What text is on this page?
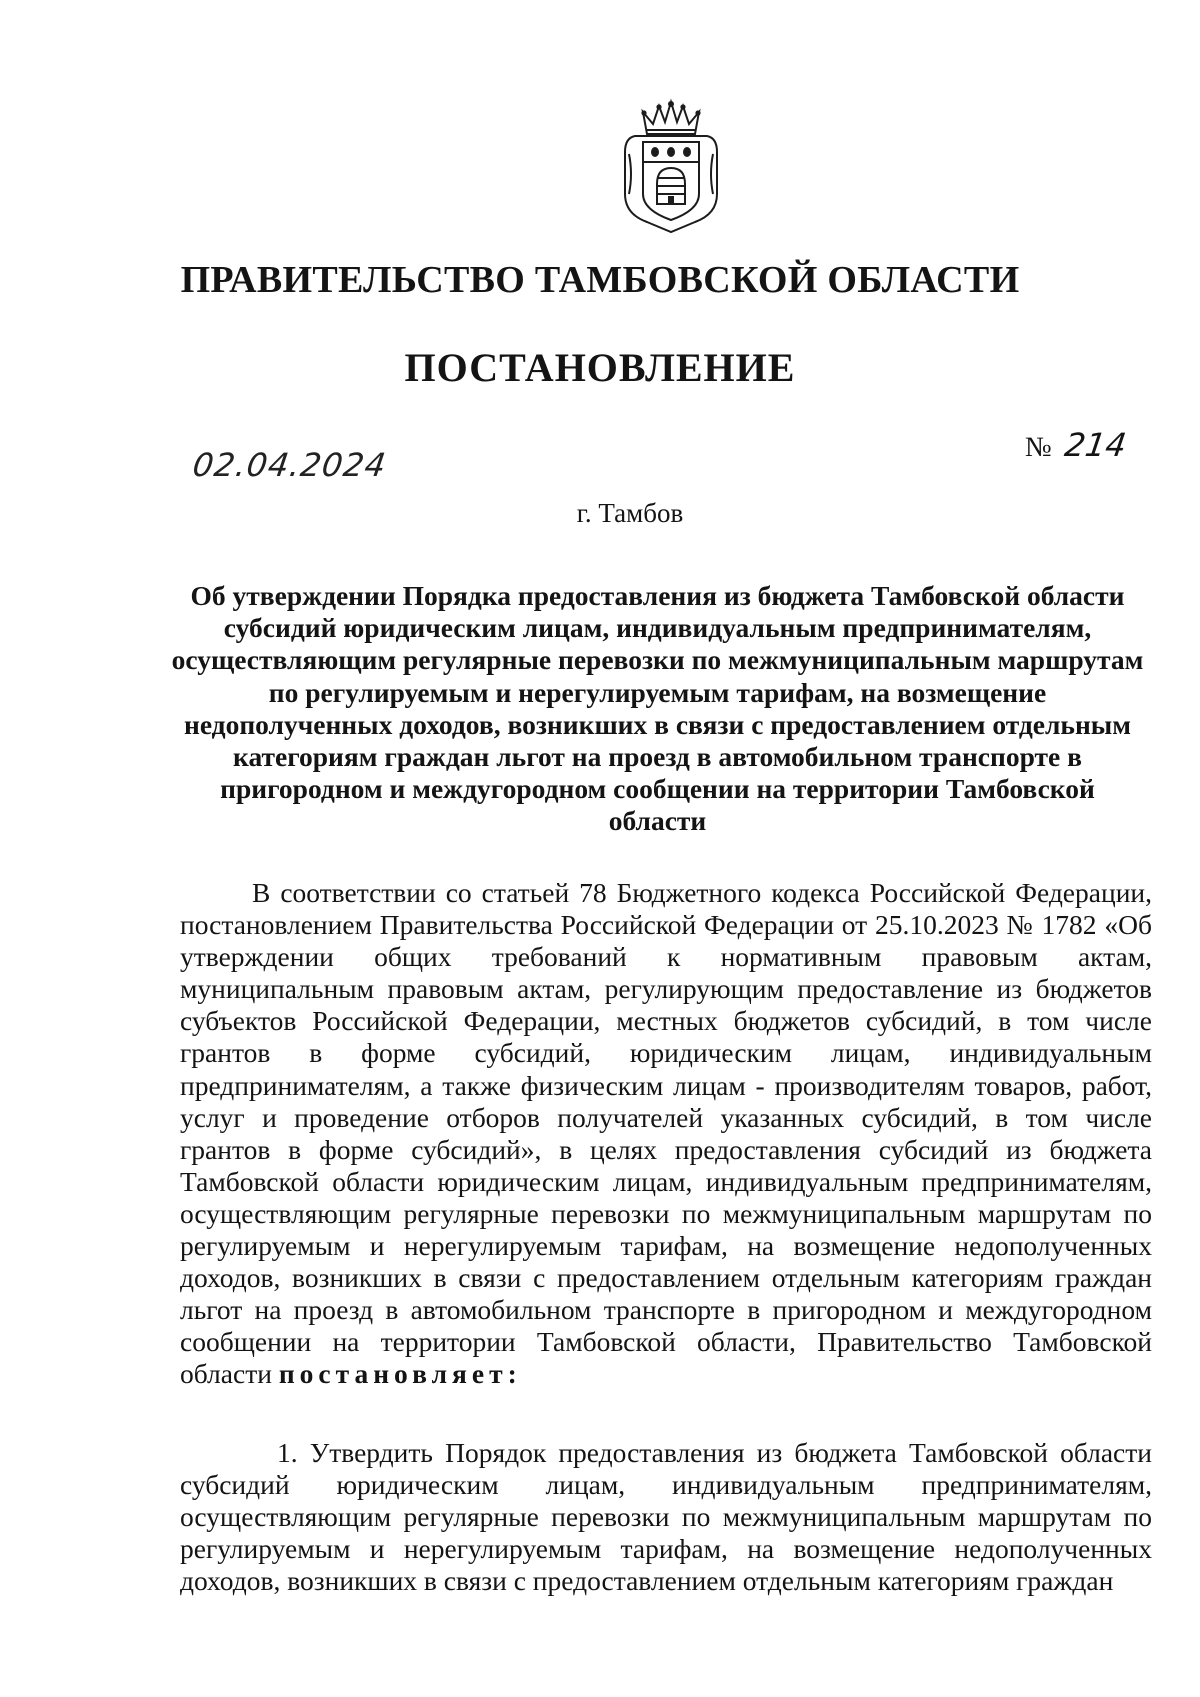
ПРАВИТЕЛЬСТВО ТАМБОВСКОЙ ОБЛАСТИ
ПОСТАНОВЛЕНИЕ
02.04.2024	№ 214
г. Тамбов
Об утверждении Порядка предоставления из бюджета Тамбовской области субсидий юридическим лицам, индивидуальным предпринимателям, осуществляющим регулярные перевозки по межмуниципальным маршрутам по регулируемым и нерегулируемым тарифам, на возмещение недополученных доходов, возникших в связи с предоставлением отдельным категориям граждан льгот на проезд в автомобильном транспорте в пригородном и междугородном сообщении на территории Тамбовской области
В соответствии со статьей 78 Бюджетного кодекса Российской Федерации, постановлением Правительства Российской Федерации от 25.10.2023 № 1782 «Об утверждении общих требований к нормативным правовым актам, муниципальным правовым актам, регулирующим предоставление из бюджетов субъектов Российской Федерации, местных бюджетов субсидий, в том числе грантов в форме субсидий, юридическим лицам, индивидуальным предпринимателям, а также физическим лицам - производителям товаров, работ, услуг и проведение отборов получателей указанных субсидий, в том числе грантов в форме субсидий», в целях предоставления субсидий из бюджета Тамбовской области юридическим лицам, индивидуальным предпринимателям, осуществляющим регулярные перевозки по межмуниципальным маршрутам по регулируемым и нерегулируемым тарифам, на возмещение недополученных доходов, возникших в связи с предоставлением отдельным категориям граждан льгот на проезд в автомобильном транспорте в пригородном и междугородном сообщении на территории Тамбовской области, Правительство Тамбовской области постановляет:
1. Утвердить Порядок предоставления из бюджета Тамбовской области субсидий юридическим лицам, индивидуальным предпринимателям, осуществляющим регулярные перевозки по межмуниципальным маршрутам по регулируемым и нерегулируемым тарифам, на возмещение недополученных доходов, возникших в связи с предоставлением отдельным категориям граждан
